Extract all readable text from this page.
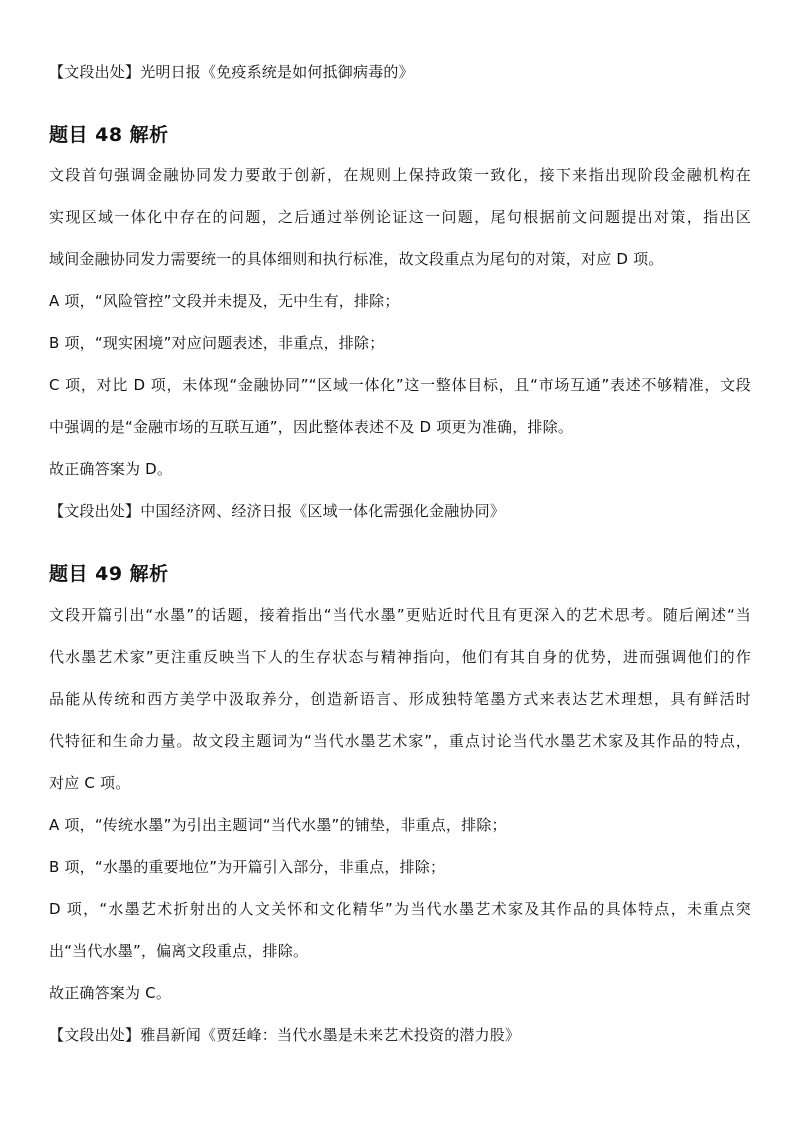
【文段出处】光明日报《免疫系统是如何抵御病毒的》
题目 48 解析
文段首句强调金融协同发力要敢于创新，在规则上保持政策一致化，接下来指出现阶段金融机构在
实现区域一体化中存在的问题，之后通过举例论证这一问题，尾句根据前文问题提出对策，指出区
域间金融协同发力需要统一的具体细则和执行标准，故文段重点为尾句的对策，对应 D 项。
A 项，“风险管控”文段并未提及，无中生有，排除；
B 项，“现实困境”对应问题表述，非重点，排除；
C 项，对比 D 项，未体现“金融协同”“区域一体化”这一整体目标，且“市场互通”表述不够精准，文段
中强调的是“金融市场的互联互通”，因此整体表述不及 D 项更为准确，排除。
故正确答案为 D。
【文段出处】中国经济网、经济日报《区域一体化需强化金融协同》
题目 49 解析
文段开篇引出“水墨”的话题，接着指出“当代水墨”更贴近时代且有更深入的艺术思考。随后阐述“当
代水墨艺术家”更注重反映当下人的生存状态与精神指向，他们有其自身的优势，进而强调他们的作
品能从传统和西方美学中汲取养分，创造新语言、形成独特笔墨方式来表达艺术理想，具有鲜活时
代特征和生命力量。故文段主题词为“当代水墨艺术家”，重点讨论当代水墨艺术家及其作品的特点，
对应 C 项。
A 项，“传统水墨”为引出主题词“当代水墨”的铺垫，非重点，排除；
B 项，“水墨的重要地位”为开篇引入部分，非重点，排除；
D 项，“水墨艺术折射出的人文关怀和文化精华”为当代水墨艺术家及其作品的具体特点，未重点突
出“当代水墨”，偏离文段重点，排除。
故正确答案为 C。
【文段出处】雅昌新闻《贾廷峰：当代水墨是未来艺术投资的潜力股》
